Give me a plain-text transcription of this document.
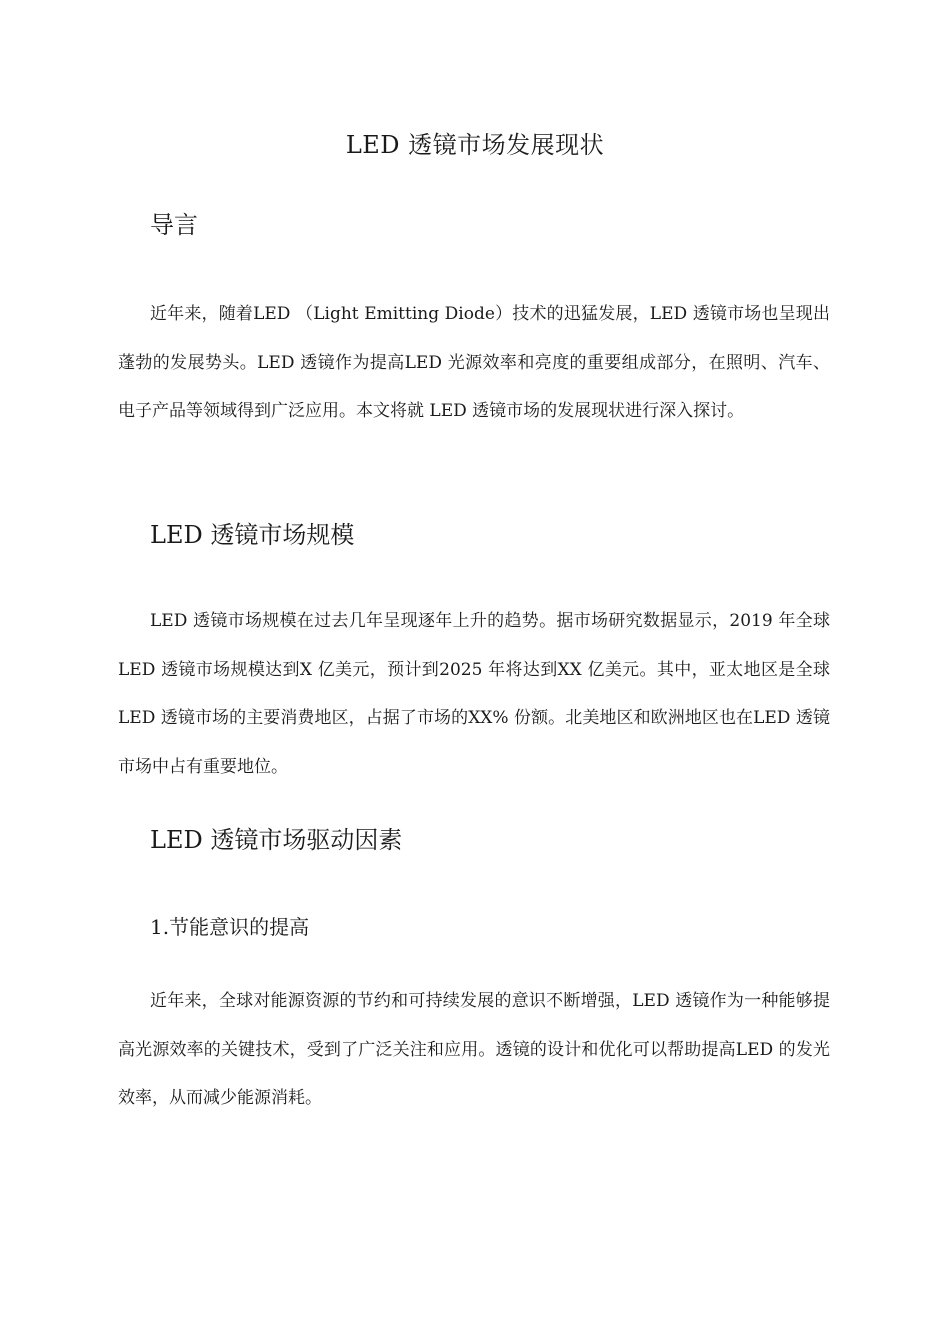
LED 透镜市场发展现状
导言

近年来，随着LED （Light Emitting Diode）技术的迅猛发展，LED 透镜市场也呈现出蓬勃的发展势头。LED 透镜作为提高LED 光源效率和亮度的重要组成部分，在照明、汽车、电子产品等领域得到广泛应用。本文将就 LED 透镜市场的发展现状进行深入探讨。

LED 透镜市场规模

LED 透镜市场规模在过去几年呈现逐年上升的趋势。据市场研究数据显示，2019 年全球LED 透镜市场规模达到X 亿美元，预计到2025 年将达到XX 亿美元。其中，亚太地区是全球LED 透镜市场的主要消费地区，占据了市场的XX% 份额。北美地区和欧洲地区也在LED 透镜市场中占有重要地位。

LED 透镜市场驱动因素
1.节能意识的提高

近年来，全球对能源资源的节约和可持续发展的意识不断增强，LED 透镜作为一种能够提高光源效率的关键技术，受到了广泛关注和应用。透镜的设计和优化可以帮助提高LED 的发光效率，从而减少能源消耗。
